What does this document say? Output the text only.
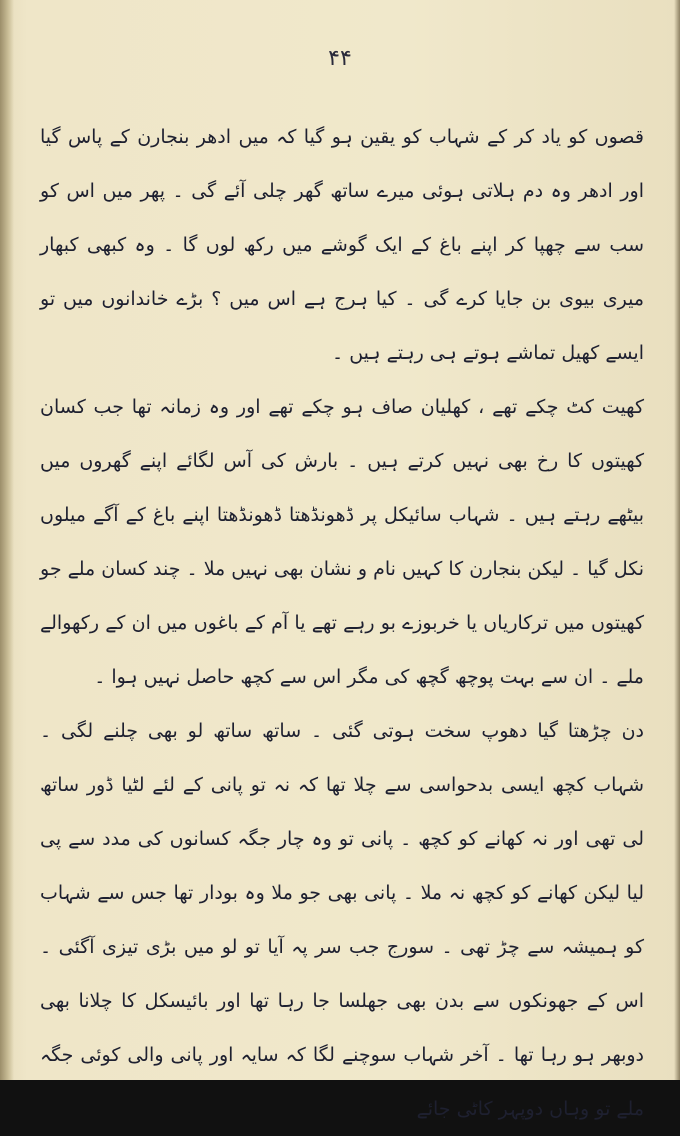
۴۴

قصوں کو یاد کر کے شہاب کو یقین ہو گیا کہ میں ادھر بنجارن کے پاس گیا اور ادھر وہ دم ہلاتی ہوئی میرے ساتھ گھر چلی آئے گی ۔ پھر میں اس کو سب سے چھپا کر اپنے باغ کے ایک گوشے میں رکھ لوں گا ۔ وہ کبھی کبھار میری بیوی بن جایا کرے گی ۔ کیا ہرج ہے اس میں ؟ بڑے خاندانوں میں تو ایسے کھیل تماشے ہوتے ہی رہتے ہیں ۔

کھیت کٹ چکے تھے ، کھلیان صاف ہو چکے تھے اور وہ زمانہ تھا جب کسان کھیتوں کا رخ بھی نہیں کرتے ہیں ۔ بارش کی آس لگائے اپنے گھروں میں بیٹھے رہتے ہیں ۔ شہاب سائیکل پر ڈھونڈھتا ڈھونڈھتا اپنے باغ کے آگے میلوں نکل گیا ۔ لیکن بنجارن کا کہیں نام و نشان بھی نہیں ملا ۔ چند کسان ملے جو کھیتوں میں ترکاریاں یا خربوزے بو رہے تھے یا آم کے باغوں میں ان کے رکھوالے ملے ۔ ان سے بہت پوچھ گچھ کی مگر اس سے کچھ حاصل نہیں ہوا ۔

دن چڑھتا گیا دھوپ سخت ہوتی گئی ۔ ساتھ ساتھ لو بھی چلنے لگی ۔ شہاب کچھ ایسی بدحواسی سے چلا تھا کہ نہ تو پانی کے لئے لٹیا ڈور ساتھ لی تھی اور نہ کھانے کو کچھ ۔ پانی تو وہ چار جگہ کسانوں کی مدد سے پی لیا لیکن کھانے کو کچھ نہ ملا ۔ پانی بھی جو ملا وہ بودار تھا جس سے شہاب کو ہمیشہ سے چڑ تھی ۔ سورج جب سر پہ آیا تو لو میں بڑی تیزی آگئی ۔ اس کے جھونکوں سے بدن بھی جھلسا جا رہا تھا اور بائیسکل کا چلانا بھی دوبھر ہو رہا تھا ۔ آخر شہاب سوچنے لگا کہ سایہ اور پانی والی کوئی جگہ ملے تو وہاں دوپہر کاٹی جائے
